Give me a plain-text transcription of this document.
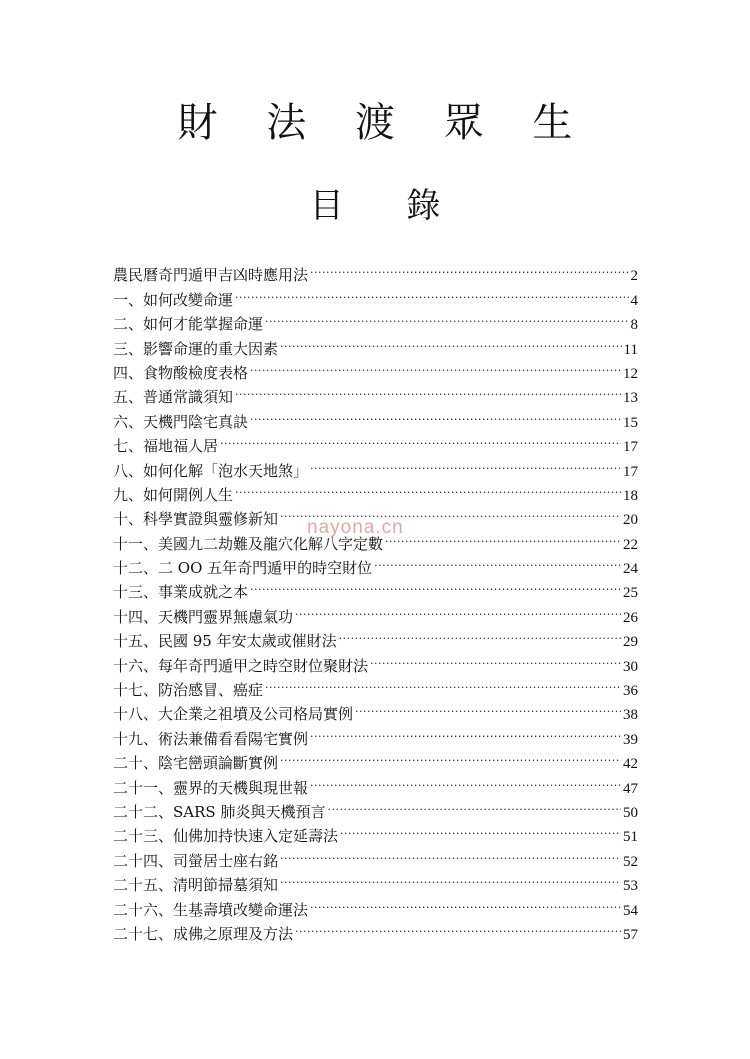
財 法 渡 眾 生
目 錄
農民曆奇門遁甲吉凶時應用法 .....	2
一、如何改變命運 .....	4
二、如何才能掌握命運 .....	8
三、影響命運的重大因素 .....	11
四、食物酸檢度表格 .....	12
五、普通常識須知 .....	13
六、天機門陰宅真訣 .....	15
七、福地福人居 .....	17
八、如何化解「泡水天地煞」 .....	17
九、如何開例人生 .....	18
十、科學實證與靈修新知 .....	20
十一、美國九二劫難及龍穴化解八字定數 .....	22
十二、二 OO 五年奇門遁甲的時空財位 .....	24
十三、事業成就之本 .....	25
十四、天機門靈界無慮氣功 .....	26
十五、民國 95 年安太歲或催財法 .....	29
十六、每年奇門遁甲之時空財位聚財法 .....	30
十七、防治感冒、癌症 .....	36
十八、大企業之祖墳及公司格局實例 .....	38
十九、術法兼備看看陽宅實例 .....	39
二十、陰宅巒頭論斷實例 .....	42
二十一、靈界的天機與現世報 .....	47
二十二、SARS 肺炎與天機預言 .....	50
二十三、仙佛加持快速入定延壽法 .....	51
二十四、司螢居士座右銘 .....	52
二十五、清明節掃墓須知 .....	53
二十六、生基壽墳改變命運法 .....	54
二十七、成佛之原理及方法 .....	57
nayona.cn
